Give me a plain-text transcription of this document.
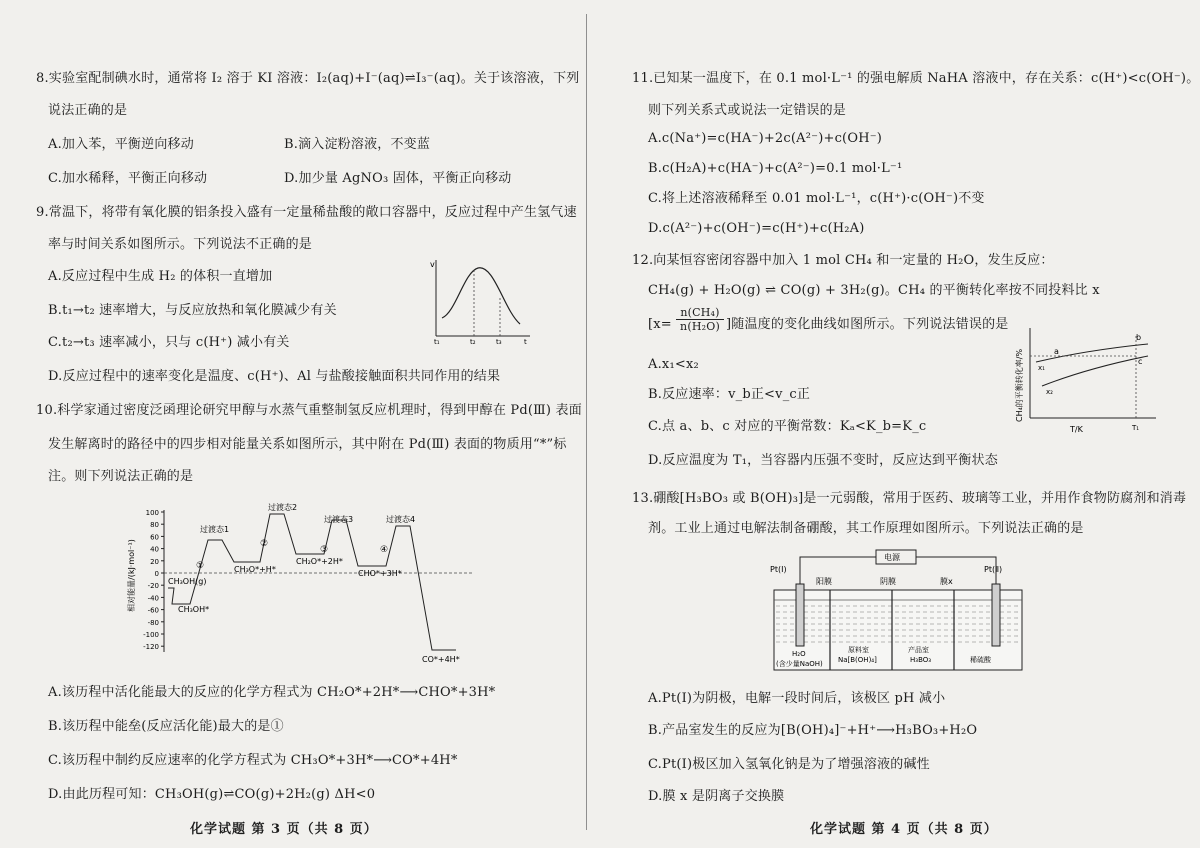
8.实验室配制碘水时，通常将 I₂ 溶于 KI 溶液：I₂(aq)+I⁻(aq)⇌I₃⁻(aq)。关于该溶液，下列
说法正确的是
A.加入苯，平衡逆向移动	B.滴入淀粉溶液，不变蓝
C.加水稀释，平衡正向移动	D.加少量 AgNO₃ 固体，平衡正向移动
9.常温下，将带有氧化膜的铝条投入盛有一定量稀盐酸的敞口容器中，反应过程中产生氢气速
率与时间关系如图所示。下列说法不正确的是
A.反应过程中生成 H₂ 的体积一直增加
B.t₁→t₂ 速率增大，与反应放热和氧化膜减少有关
C.t₂→t₃ 速率减小，只与 c(H⁺) 减小有关
D.反应过程中的速率变化是温度、c(H⁺)、Al 与盐酸接触面积共同作用的结果
v
t₁	t₂	t₃	t
10.科学家通过密度泛函理论研究甲醇与水蒸气重整制氢反应机理时，得到甲醇在 Pd(Ⅲ) 表面
发生解离时的路径中的四步相对能量关系如图所示，其中附在 Pd(Ⅲ) 表面的物质用“*”标
注。则下列说法正确的是
相对能量/(kJ·mol⁻¹)
100
80
60
40
20
0
-20
-40
-60
-80
-100
-120
过渡态1
过渡态2
过渡态3	过渡态4
CH₃OH(g)
CH₃OH*
CH₃O*+H*
CH₂O*+2H*
CHO*+3H*
CO*+4H*
①
②
③	④
A.该历程中活化能最大的反应的化学方程式为 CH₂O*+2H*⟶CHO*+3H*
B.该历程中能垒(反应活化能)最大的是①
C.该历程中制约反应速率的化学方程式为 CH₃O*+3H*⟶CO*+4H*
D.由此历程可知：CH₃OH(g)⇌CO(g)+2H₂(g) ΔH<0
化学试题 第 3 页（共 8 页）
11.已知某一温度下，在 0.1 mol·L⁻¹ 的强电解质 NaHA 溶液中，存在关系：c(H⁺)<c(OH⁻)。
则下列关系式或说法一定错误的是
A.c(Na⁺)=c(HA⁻)+2c(A²⁻)+c(OH⁻)
B.c(H₂A)+c(HA⁻)+c(A²⁻)=0.1 mol·L⁻¹
C.将上述溶液稀释至 0.01 mol·L⁻¹，c(H⁺)·c(OH⁻)不变
D.c(A²⁻)+c(OH⁻)=c(H⁺)+c(H₂A)
12.向某恒容密闭容器中加入 1 mol CH₄ 和一定量的 H₂O，发生反应：
CH₄(g) + H₂O(g) ⇌ CO(g) + 3H₂(g)。CH₄ 的平衡转化率按不同投料比 x
[$x= \frac{\text{n(CH₄)}}{\text{n(H₂O)}}$ ]随温度的变化曲线如图所示。下列说法错误的是
A.x₁<x₂
B.反应速率：v_b正<v_c正
C.点 a、b、c 对应的平衡常数：Kₐ<K_b=K_c
D.反应温度为 T₁，当容器内压强不变时，反应达到平衡状态
CH₄的平衡转化率/%	a
b
c
x₁
x₂
T/K	T₁
13.硼酸[H₃BO₃ 或 B(OH)₃]是一元弱酸，常用于医药、玻璃等工业，并用作食物防腐剂和消毒
剂。工业上通过电解法制备硼酸，其工作原理如图所示。下列说法正确的是
电源
Pt(Ⅰ)	Pt(Ⅱ)
阳膜	阴膜	膜x
H₂O
(含少量NaOH)
原料室
Na[B(OH)₄]
产品室
H₃BO₃	稀硫酸
A.Pt(Ⅰ)为阴极，电解一段时间后，该极区 pH 减小
B.产品室发生的反应为[B(OH)₄]⁻+H⁺⟶H₃BO₃+H₂O
C.Pt(Ⅰ)极区加入氢氧化钠是为了增强溶液的碱性
D.膜 x 是阴离子交换膜
化学试题 第 4 页（共 8 页）
